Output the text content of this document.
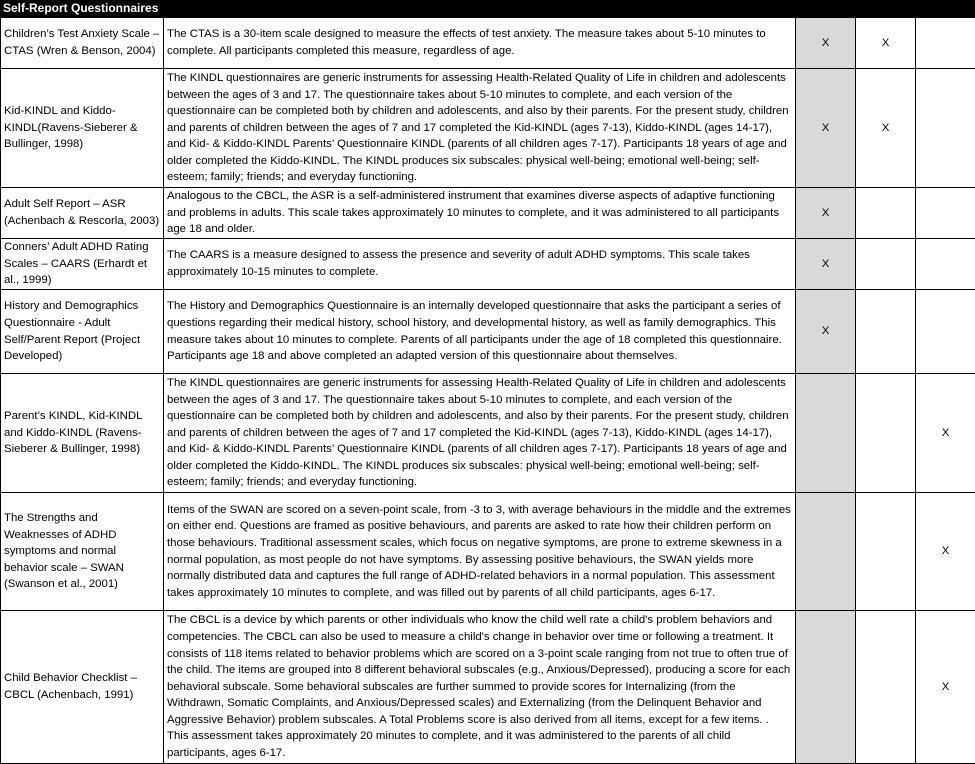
Self-Report Questionnaires
Children’s Test Anxiety Scale – CTAS (Wren & Benson, 2004)	The CTAS is a 30-item scale designed to measure the effects of test anxiety. The measure takes about 5-10 minutes to complete. All participants completed this measure, regardless of age.	X	X	
Kid-KINDL and Kiddo-KINDL(Ravens-Sieberer & Bullinger, 1998)	The KINDL questionnaires are generic instruments for assessing Health-Related Quality of Life in children and adolescents between the ages of 3 and 17. The questionnaire takes about 5-10 minutes to complete, and each version of the questionnaire can be completed both by children and adolescents, and also by their parents. For the present study, children and parents of children between the ages of 7 and 17 completed the Kid-KINDL (ages 7-13), Kiddo-KINDL (ages 14-17), and Kid- & Kiddo-KINDL Parents’ Questionnaire KINDL (parents of all children ages 7-17). Participants 18 years of age and older completed the Kiddo-KINDL. The KINDL produces six subscales: physical well-being; emotional well-being; self-esteem; family; friends; and everyday functioning.	X	X	
Adult Self Report – ASR (Achenbach & Rescorla, 2003)	Analogous to the CBCL, the ASR is a self-administered instrument that examines diverse aspects of adaptive functioning and problems in adults. This scale takes approximately 10 minutes to complete, and it was administered to all participants age 18 and older.	X		
Conners’ Adult ADHD Rating Scales – CAARS (Erhardt et al., 1999)	The CAARS is a measure designed to assess the presence and severity of adult ADHD symptoms. This scale takes approximately 10-15 minutes to complete.	X		
History and Demographics Questionnaire - Adult Self/Parent Report (Project Developed)	The History and Demographics Questionnaire is an internally developed questionnaire that asks the participant a series of questions regarding their medical history, school history, and developmental history, as well as family demographics. This measure takes about 10 minutes to complete. Parents of all participants under the age of 18 completed this questionnaire. Participants age 18 and above completed an adapted version of this questionnaire about themselves.	X		
Parent’s KINDL, Kid-KINDL and Kiddo-KINDL (Ravens-Sieberer & Bullinger, 1998)	The KINDL questionnaires are generic instruments for assessing Health-Related Quality of Life in children and adolescents between the ages of 3 and 17. The questionnaire takes about 5-10 minutes to complete, and each version of the questionnaire can be completed both by children and adolescents, and also by their parents. For the present study, children and parents of children between the ages of 7 and 17 completed the Kid-KINDL (ages 7-13), Kiddo-KINDL (ages 14-17), and Kid- & Kiddo-KINDL Parents’ Questionnaire KINDL (parents of all children ages 7-17). Participants 18 years of age and older completed the Kiddo-KINDL. The KINDL produces six subscales: physical well-being; emotional well-being; self-esteem; family; friends; and everyday functioning.			X
The Strengths and Weaknesses of ADHD symptoms and normal behavior scale – SWAN (Swanson et al., 2001)	Items of the SWAN are scored on a seven-point scale, from -3 to 3, with average behaviours in the middle and the extremes on either end. Questions are framed as positive behaviours, and parents are asked to rate how their children perform on those behaviours. Traditional assessment scales, which focus on negative symptoms, are prone to extreme skewness in a normal population, as most people do not have symptoms. By assessing positive behaviours, the SWAN yields more normally distributed data and captures the full range of ADHD-related behaviors in a normal population. This assessment takes approximately 10 minutes to complete, and was filled out by parents of all child participants, ages 6-17.			X
Child Behavior Checklist – CBCL (Achenbach, 1991)	The CBCL is a device by which parents or other individuals who know the child well rate a child's problem behaviors and competencies. The CBCL can also be used to measure a child's change in behavior over time or following a treatment. It consists of 118 items related to behavior problems which are scored on a 3-point scale ranging from not true to often true of the child. The items are grouped into 8 different behavioral subscales (e.g., Anxious/Depressed), producing a score for each behavioral subscale. Some behavioral subscales are further summed to provide scores for Internalizing (from the Withdrawn, Somatic Complaints, and Anxious/Depressed scales) and Externalizing (from the Delinquent Behavior and Aggressive Behavior) problem subscales. A Total Problems score is also derived from all items, except for a few items. . This assessment takes approximately 20 minutes to complete, and it was administered to the parents of all child participants, ages 6-17.			X
